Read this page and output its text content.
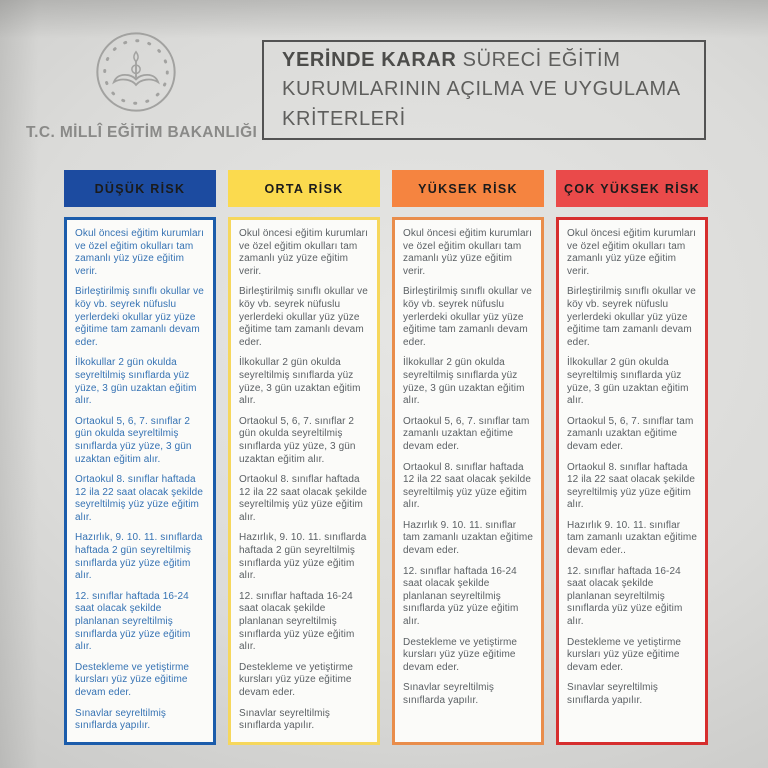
T.C. MİLLÎ EĞİTİM BAKANLIĞI
YERİNDE KARAR SÜRECİ EĞİTİM KURUMLARININ AÇILMA VE UYGULAMA KRİTERLERİ
DÜŞÜK RİSK

Okul öncesi eğitim kurumları ve özel eğitim okulları tam zamanlı yüz yüze eğitim verir.

Birleştirilmiş sınıflı okullar ve köy vb. seyrek nüfuslu yerlerdeki okullar yüz yüze eğitime tam zamanlı devam eder.

İlkokullar 2 gün okulda seyreltilmiş sınıflarda yüz yüze, 3 gün uzaktan eğitim alır.

Ortaokul 5, 6, 7. sınıflar 2 gün okulda seyreltilmiş sınıflarda yüz yüze, 3 gün uzaktan eğitim alır.

Ortaokul 8. sınıflar haftada 12 ila 22 saat olacak şekilde seyreltilmiş yüz yüze eğitim alır.

Hazırlık, 9. 10. 11. sınıflarda haftada 2 gün seyreltilmiş sınıflarda yüz yüze eğitim alır.

12. sınıflar haftada 16-24 saat olacak şekilde planlanan seyreltilmiş sınıflarda yüz yüze eğitim alır.

Destekleme ve yetiştirme kursları yüz yüze eğitime devam eder.

Sınavlar seyreltilmiş sınıflarda yapılır.

ORTA RİSK

Okul öncesi eğitim kurumları ve özel eğitim okulları tam zamanlı yüz yüze eğitim verir.

Birleştirilmiş sınıflı okullar ve köy vb. seyrek nüfuslu yerlerdeki okullar yüz yüze eğitime tam zamanlı devam eder.

İlkokullar 2 gün okulda seyreltilmiş sınıflarda yüz yüze, 3 gün uzaktan eğitim alır.

Ortaokul 5, 6, 7. sınıflar 2 gün okulda seyreltilmiş sınıflarda yüz yüze, 3 gün uzaktan eğitim alır.

Ortaokul 8. sınıflar haftada 12 ila 22 saat olacak şekilde seyreltilmiş yüz yüze eğitim alır.

Hazırlık, 9. 10. 11. sınıflarda haftada 2 gün seyreltilmiş sınıflarda yüz yüze eğitim alır.

12. sınıflar haftada 16-24 saat olacak şekilde planlanan seyreltilmiş sınıflarda yüz yüze eğitim alır.

Destekleme ve yetiştirme kursları yüz yüze eğitime devam eder.

Sınavlar seyreltilmiş sınıflarda yapılır.

YÜKSEK RİSK

Okul öncesi eğitim kurumları ve özel eğitim okulları tam zamanlı yüz yüze eğitim verir.

Birleştirilmiş sınıflı okullar ve köy vb. seyrek nüfuslu yerlerdeki okullar yüz yüze eğitime tam zamanlı devam eder.

İlkokullar 2 gün okulda seyreltilmiş sınıflarda yüz yüze, 3 gün uzaktan eğitim alır.

Ortaokul 5, 6, 7. sınıflar tam zamanlı uzaktan eğitime devam eder.

Ortaokul 8. sınıflar haftada 12 ila 22 saat olacak şekilde seyreltilmiş yüz yüze eğitim alır.

Hazırlık 9. 10. 11. sınıflar tam zamanlı uzaktan eğitime devam eder.

12. sınıflar haftada 16-24 saat olacak şekilde planlanan seyreltilmiş sınıflarda yüz yüze eğitim alır.

Destekleme ve yetiştirme kursları yüz yüze eğitime devam eder.

Sınavlar seyreltilmiş sınıflarda yapılır.

ÇOK YÜKSEK RİSK

Okul öncesi eğitim kurumları ve özel eğitim okulları tam zamanlı yüz yüze eğitim verir.

Birleştirilmiş sınıflı okullar ve köy vb. seyrek nüfuslu yerlerdeki okullar yüz yüze eğitime tam zamanlı devam eder.

İlkokullar 2 gün okulda seyreltilmiş sınıflarda yüz yüze, 3 gün uzaktan eğitim alır.

Ortaokul 5, 6, 7. sınıflar tam zamanlı uzaktan eğitime devam eder.

Ortaokul 8. sınıflar haftada 12 ila 22 saat olacak şekilde seyreltilmiş yüz yüze eğitim alır.

Hazırlık 9. 10. 11. sınıflar tam zamanlı uzaktan eğitime devam eder..

12. sınıflar haftada 16-24 saat olacak şekilde planlanan seyreltilmiş sınıflarda yüz yüze eğitim alır.

Destekleme ve yetiştirme kursları yüz yüze eğitime devam eder.

Sınavlar seyreltilmiş sınıflarda yapılır.
